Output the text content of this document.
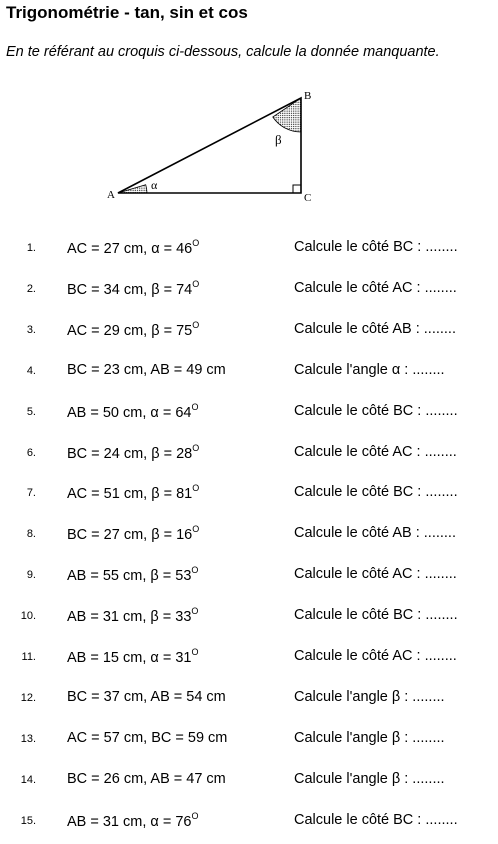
Trigonométrie - tan, sin et cos
En te référant au croquis ci-dessous, calcule la donnée manquante.
A
B
C
α
β
1. AC = 27 cm, $\alpha = 46^O$	Calcule le côté BC : ........
2. BC = 34 cm, $\beta = 74^O$	Calcule le côté AC : ........
3. AC = 29 cm, $\beta = 75^O$	Calcule le côté AB : ........
4. BC = 23 cm, AB = 49 cm	Calcule l'angle α : ........
5. AB = 50 cm, $\alpha = 64^O$	Calcule le côté BC : ........
6. BC = 24 cm, $\beta = 28^O$	Calcule le côté AC : ........
7. AC = 51 cm, $\beta = 81^O$	Calcule le côté BC : ........
8. BC = 27 cm, $\beta = 16^O$	Calcule le côté AB : ........
9. AB = 55 cm, $\beta = 53^O$	Calcule le côté AC : ........
10. AB = 31 cm, $\beta = 33^O$	Calcule le côté BC : ........
11. AB = 15 cm, $\alpha = 31^O$	Calcule le côté AC : ........
12. BC = 37 cm, AB = 54 cm	Calcule l'angle β : ........
13. AC = 57 cm, BC = 59 cm	Calcule l'angle β : ........
14. BC = 26 cm, AB = 47 cm	Calcule l'angle β : ........
15. AB = 31 cm, $\alpha = 76^O$	Calcule le côté BC : ........
